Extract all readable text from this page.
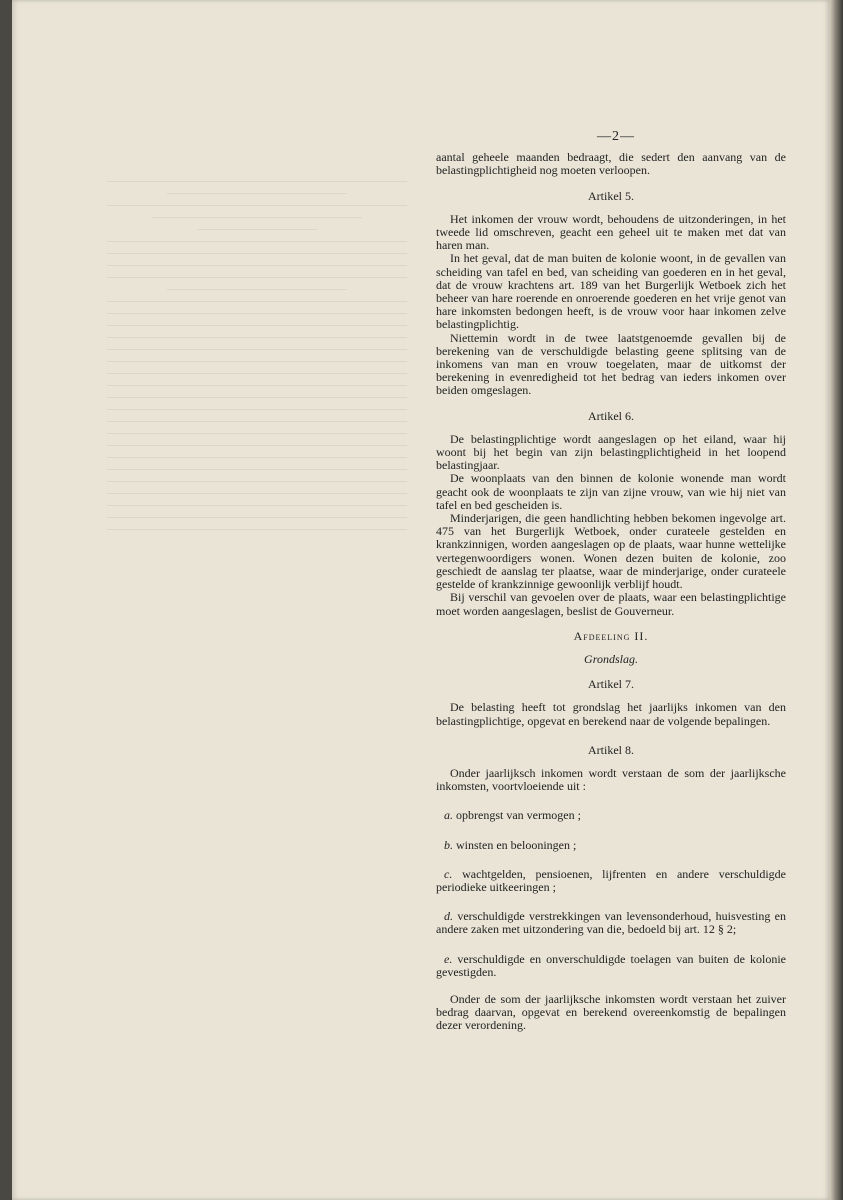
—2—

aantal geheele maanden bedraagt, die sedert den aanvang van de belastingplichtigheid nog moeten verloopen.

Artikel 5.

Het inkomen der vrouw wordt, behoudens de uitzonderingen, in het tweede lid omschreven, geacht een geheel uit te maken met dat van haren man.

In het geval, dat de man buiten de kolonie woont, in de gevallen van scheiding van tafel en bed, van scheiding van goederen en in het geval, dat de vrouw krachtens art. 189 van het Burgerlijk Wetboek zich het beheer van hare roerende en onroerende goederen en het vrije genot van hare inkomsten bedongen heeft, is de vrouw voor haar inkomen zelve belastingplichtig.

Niettemin wordt in de twee laatstgenoemde gevallen bij de berekening van de verschuldigde belasting geene splitsing van de inkomens van man en vrouw toegelaten, maar de uitkomst der berekening in evenredigheid tot het bedrag van ieders inkomen over beiden omgeslagen.

Artikel 6.

De belastingplichtige wordt aangeslagen op het eiland, waar hij woont bij het begin van zijn belastingplichtigheid in het loopend belastingjaar.

De woonplaats van den binnen de kolonie wonende man wordt geacht ook de woonplaats te zijn van zijne vrouw, van wie hij niet van tafel en bed gescheiden is.

Minderjarigen, die geen handlichting hebben bekomen ingevolge art. 475 van het Burgerlijk Wetboek, onder curateele gestelden en krankzinnigen, worden aangeslagen op de plaats, waar hunne wettelijke vertegenwoordigers wonen. Wonen dezen buiten de kolonie, zoo geschiedt de aanslag ter plaatse, waar de minderjarige, onder curateele gestelde of krankzinnige gewoonlijk verblijf houdt.

Bij verschil van gevoelen over de plaats, waar een belastingplichtige moet worden aangeslagen, beslist de Gouverneur.

Afdeeling II.
Grondslag.
Artikel 7.

De belasting heeft tot grondslag het jaarlijks inkomen van den belastingplichtige, opgevat en berekend naar de volgende bepalingen.

Artikel 8.

Onder jaarlijksch inkomen wordt verstaan de som der jaarlijksche inkomsten, voortvloeiende uit :

a. opbrengst van vermogen ;

b. winsten en belooningen ;

c. wachtgelden, pensioenen, lijfrenten en andere verschuldigde periodieke uitkeeringen ;

d. verschuldigde verstrekkingen van levensonderhoud, huisvesting en andere zaken met uitzondering van die, bedoeld bij art. 12 § 2;

e. verschuldigde en onverschuldigde toelagen van buiten de kolonie gevestigden.

Onder de som der jaarlijksche inkomsten wordt verstaan het zuiver bedrag daarvan, opgevat en berekend overeenkomstig de bepalingen dezer verordening.
